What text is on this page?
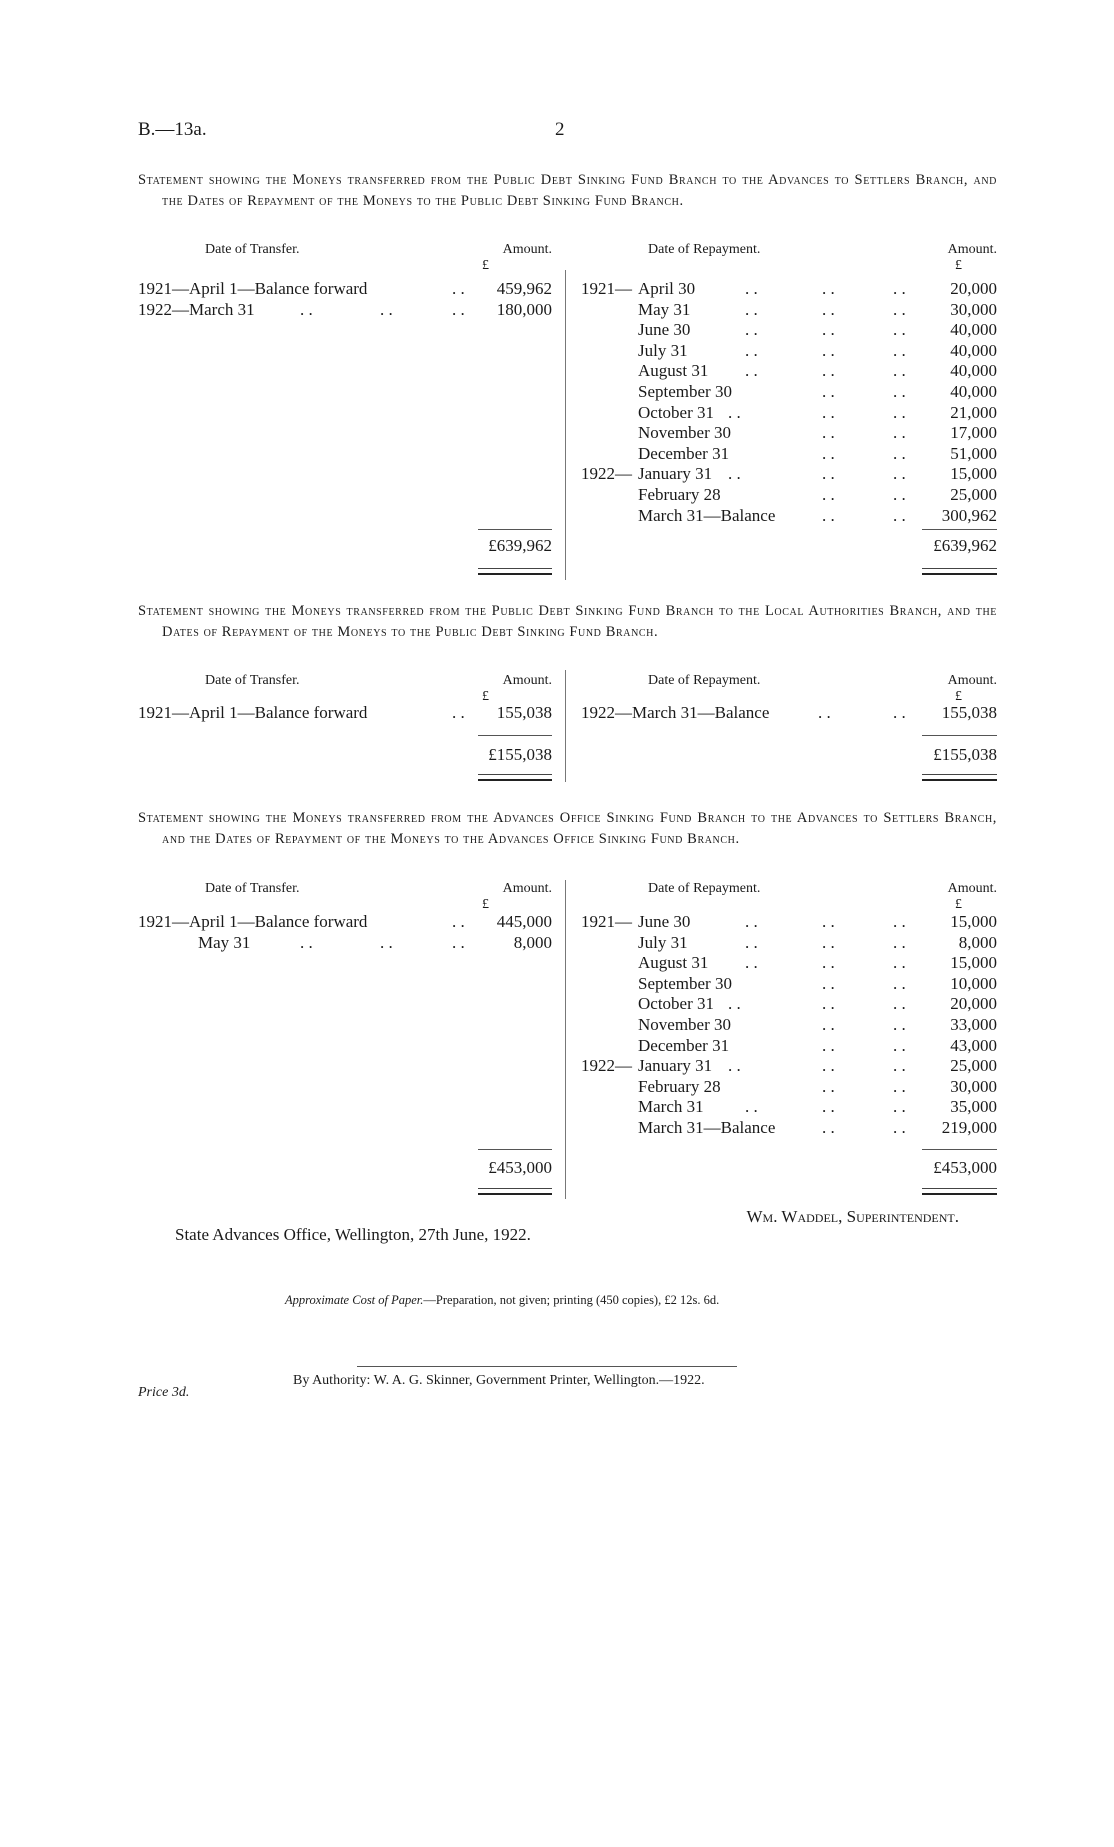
B.—13a.	2
Statement showing the Moneys transferred from the Public Debt Sinking Fund Branch to the Advances to Settlers Branch, and the Dates of Repayment of the Moneys to the Public Debt Sinking Fund Branch.
Date of Transfer.	Amount.
£
Date of Repayment.	Amount.
£
1921—April 1—Balance forward	. . 459,962
1922—March 31	. .	. .	. . 180,000
1921— April 30	. .	. .	. .	20,000
May 31	. .	. .	. .	30,000
June 30	. .	. .	. .	40,000
July 31	. .	. .	. .	40,000
August 31 . .	. .	. .	40,000
September 30	. .	. .	40,000
October 31 . .	. .	. .	21,000
November 30	. .	. .	17,000
December 31	. .	. .	51,000
1922— January 31 . .	. .	. .	15,000
February 28	. .	. .	25,000
March 31—Balance	. .	. . 300,962
£639,962	£639,962
Statement showing the Moneys transferred from the Public Debt Sinking Fund Branch to the Local Authorities Branch, and the Dates of Repayment of the Moneys to the Public Debt Sinking Fund Branch.
Date of Transfer.	Amount.
£
Date of Repayment.	Amount.
£
1921—April 1—Balance forward	. . 155,038 1922—March 31—Balance	. .	. . 155,038
£155,038	£155,038
Statement showing the Moneys transferred from the Advances Office Sinking Fund Branch to the Advances to Settlers Branch, and the Dates of Repayment of the Moneys to the Advances Office Sinking Fund Branch.
Date of Transfer.	Amount.
£
Date of Repayment.	Amount.
£
1921—April 1—Balance forward	. . 445,000
May 31	. .	. .	. .	8,000
1921— June 30	. .	. .	. .	15,000
July 31	. .	. .	. .	8,000
August 31 . .	. .	. .	15,000
September 30	. .	. .	10,000
October 31 . .	. .	. .	20,000
November 30	. .	. .	33,000
December 31	. .	. .	43,000
1922— January 31 . .	. .	. .	25,000
February 28	. .	. .	30,000
March 31 . .	. .	. .	35,000
March 31—Balance	. .	. . 219,000
£453,000	£453,000
Wm. Waddel, Superintendent.
State Advances Office, Wellington, 27th June, 1922.
Approximate Cost of Paper.—Preparation, not given; printing (450 copies), £2 12s. 6d.
By Authority: W. A. G. Skinner, Government Printer, Wellington.—1922.
Price 3d.
